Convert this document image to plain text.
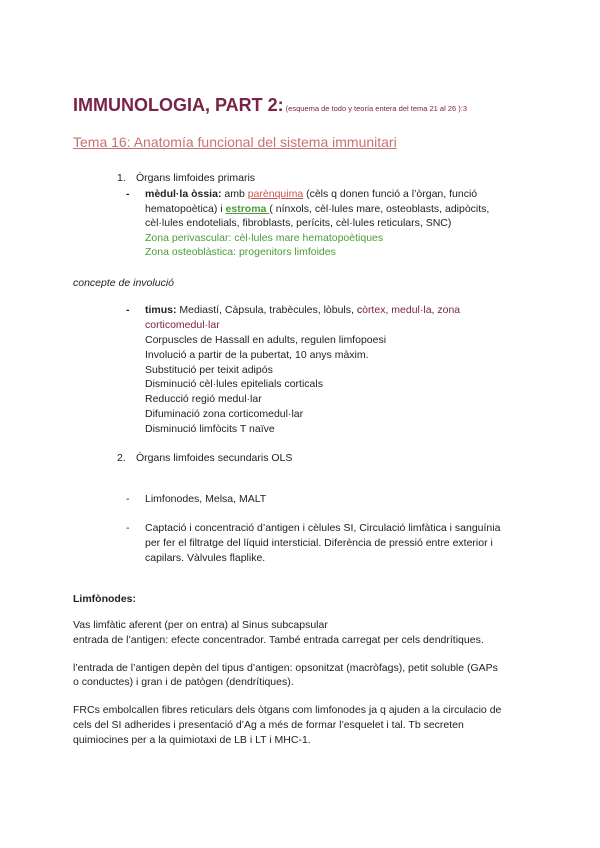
IMMUNOLOGIA, PART 2: (esquema de todo y teoría entera del tema 21 al 26 ):3
Tema 16: Anatomía funcional del sistema immunitari
1. Òrgans limfoides primaris
- mèdul·la òssia: amb parènquima (cèls q donen funció a l’òrgan, funció
hematopoètica) i estroma ( nínxols, cèl·lules mare, osteoblasts, adipòcits,
cèl·lules endotelials, fibroblasts, perícits, cèl·lules reticulars, SNC)
Zona perivascular: cèl·lules mare hematopoètiques
Zona osteoblàstica: progenitors limfoides
concepte de involució
- timus: Mediastí, Càpsula, trabècules, lòbuls, còrtex, medul·la, zona
corticomedul·lar
Corpuscles de Hassall en adults, regulen limfopoesi
Involució a partir de la pubertat, 10 anys màxim.
Substitució per teixit adipós
Disminució cèl·lules epitelials corticals
Reducció regió medul·lar
Difuminació zona corticomedul·lar
Disminució limfòcits T naïve
2. Òrgans limfoides secundaris OLS
- Limfonodes, Melsa, MALT
- Captació i concentració d’antigen i cèlules SI, Circulació limfàtica i sanguínia
per fer el filtratge del líquid intersticial. Diferència de pressió entre exterior i
capilars. Vàlvules flaplike.
Limfònodes:
Vas limfàtic aferent (per on entra) al Sinus subcapsular
entrada de l’antigen: efecte concentrador. També entrada carregat per cels dendrítiques.
l’entrada de l’antigen depèn del tipus d’antigen: opsonitzat (macròfags), petit soluble (GAPs
o conductes) i gran i de patògen (dendrítiques).
FRCs embolcallen fibres reticulars dels òtgans com limfonodes ja q ajuden a la circulacio de
cels del SI adherides i presentació d’Ag a més de formar l’esquelet i tal. Tb secreten
quimiocines per a la quimiotaxi de LB i LT i MHC-1.
